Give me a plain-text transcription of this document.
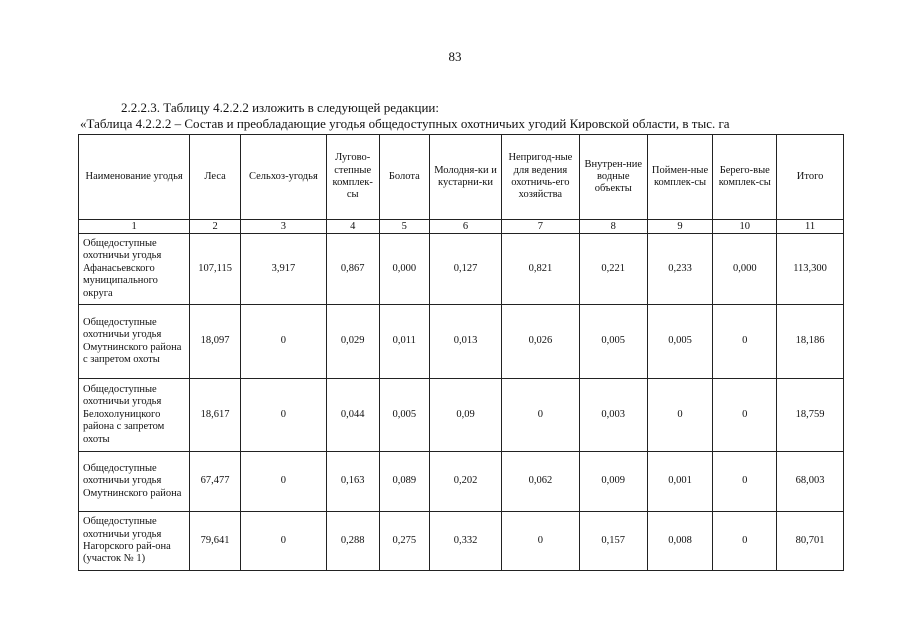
83
2.2.2.3. Таблицу 4.2.2.2 изложить в следующей редакции:
«Таблица 4.2.2.2 – Состав и преобладающие угодья общедоступных охотничьих угодий Кировской области, в тыс. га
Наименование угодья	Леса	Сельхоз-угодья	Лугово-степные комплек-сы	Болота	Молодня-ки и кустарни-ки	Непригод-ные для ведения охотничь-его хозяйства	Внутрен-ние водные объекты	Поймен-ные комплек-сы	Берего-вые комплек-сы	Итого
1	2	3	4	5	6	7	8	9	10	11
Общедоступные охотничьи угодья Афанасьевского муниципального округа	107,115	3,917	0,867	0,000	0,127	0,821	0,221	0,233	0,000	113,300
Общедоступные охотничьи угодья Омутнинского района с запретом охоты	18,097	0	0,029	0,011	0,013	0,026	0,005	0,005	0	18,186
Общедоступные охотничьи угодья Белохолуницкого района с запретом охоты	18,617	0	0,044	0,005	0,09	0	0,003	0	0	18,759
Общедоступные охотничьи угодья Омутнинского района	67,477	0	0,163	0,089	0,202	0,062	0,009	0,001	0	68,003
Общедоступные охотничьи угодья Нагорского рай-она (участок № 1)	79,641	0	0,288	0,275	0,332	0	0,157	0,008	0	80,701
